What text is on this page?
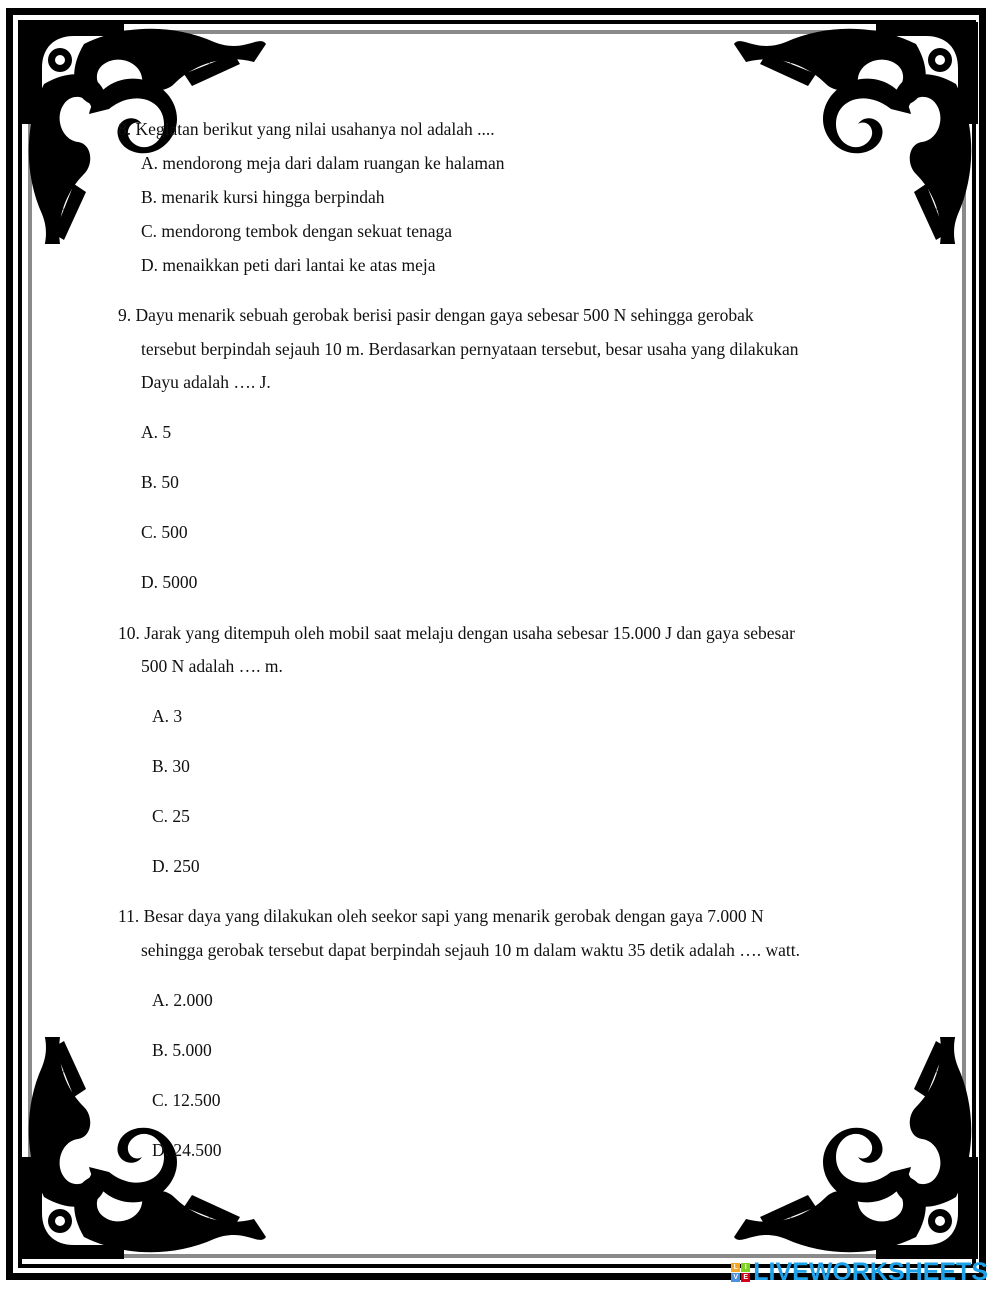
8. Kegiatan berikut yang nilai usahanya nol adalah ....
A. mendorong meja dari dalam ruangan ke halaman
B. menarik kursi hingga berpindah
C. mendorong tembok dengan sekuat tenaga
D. menaikkan peti dari lantai ke atas meja
9. Dayu menarik sebuah gerobak berisi pasir dengan gaya sebesar 500 N sehingga gerobak
tersebut berpindah sejauh 10 m. Berdasarkan pernyataan tersebut, besar usaha yang dilakukan
Dayu adalah …. J.
A. 5
B. 50
C. 500
D. 5000
10. Jarak yang ditempuh oleh mobil saat melaju dengan usaha sebesar 15.000 J dan gaya sebesar
500 N adalah …. m.
A. 3
B. 30
C. 25
D. 250
11. Besar daya yang dilakukan oleh seekor sapi yang menarik gerobak dengan gaya 7.000 N
sehingga gerobak tersebut dapat berpindah sejauh 10 m dalam waktu 35 detik adalah …. watt.
A. 2.000
B. 5.000
C. 12.500
D. 24.500
L I
V E LIVEWORKSHEETS
